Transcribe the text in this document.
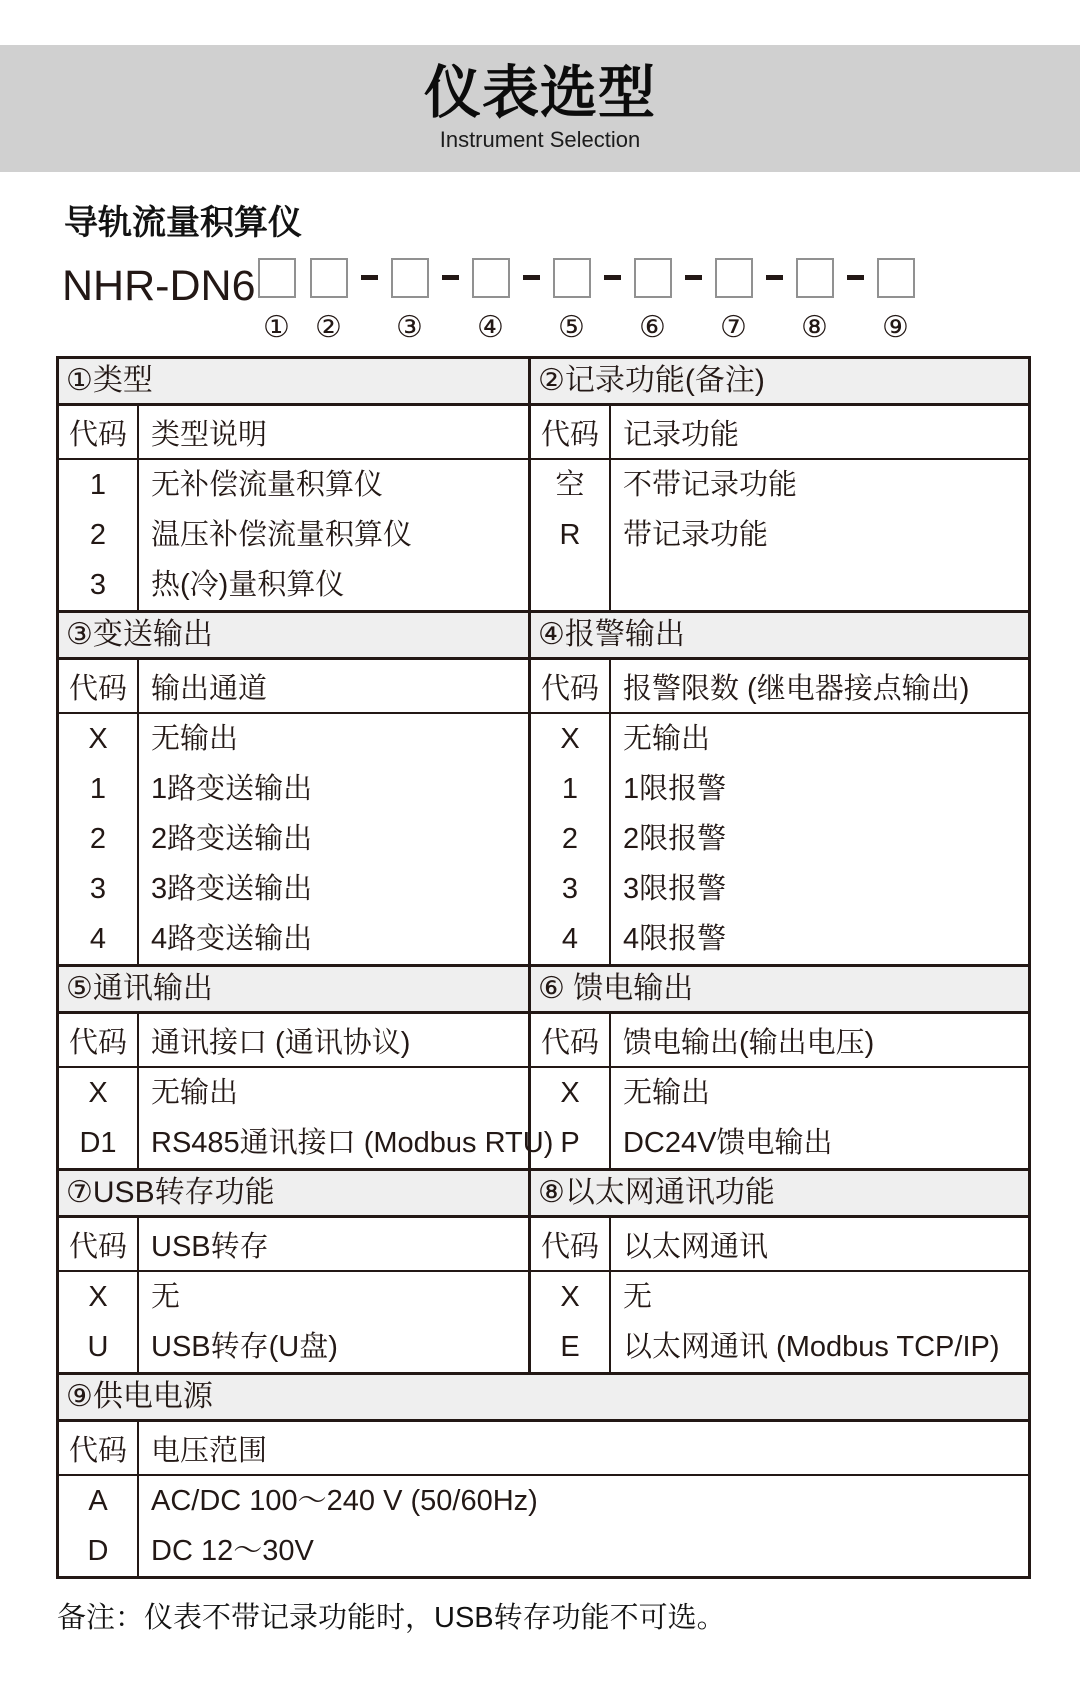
仪表选型
Instrument Selection
导轨流量积算仪
NHR-DN6
① ② ③ ④ ⑤ ⑥ ⑦ ⑧ ⑨
①类型
代码 类型说明
1
2
3
无补偿流量积算仪
温压补偿流量积算仪
热(冷)量积算仪
②记录功能(备注)
代码 记录功能
空
R
不带记录功能
带记录功能
③变送输出
代码 输出通道
X
1
2
3
4
无输出
1路变送输出
2路变送输出
3路变送输出
4路变送输出
④报警输出
代码 报警限数 (继电器接点输出)
X
1
2
3
4
无输出
1限报警
2限报警
3限报警
4限报警
⑤通讯输出
代码 通讯接口 (通讯协议)
X
D1
无输出
RS485通讯接口 (Modbus RTU)
⑥ 馈电输出
代码 馈电输出(输出电压)
X
P
无输出
DC24V馈电输出
⑦USB转存功能
代码 USB转存
X
U
无
USB转存(U盘)
⑧以太网通讯功能
代码 以太网通讯
X
E
无
以太网通讯 (Modbus TCP/IP)
⑨供电电源
代码 电压范围
A
D
AC/DC 100～240 V (50/60Hz)
DC 12～30V
备注：仪表不带记录功能时，USB转存功能不可选。
